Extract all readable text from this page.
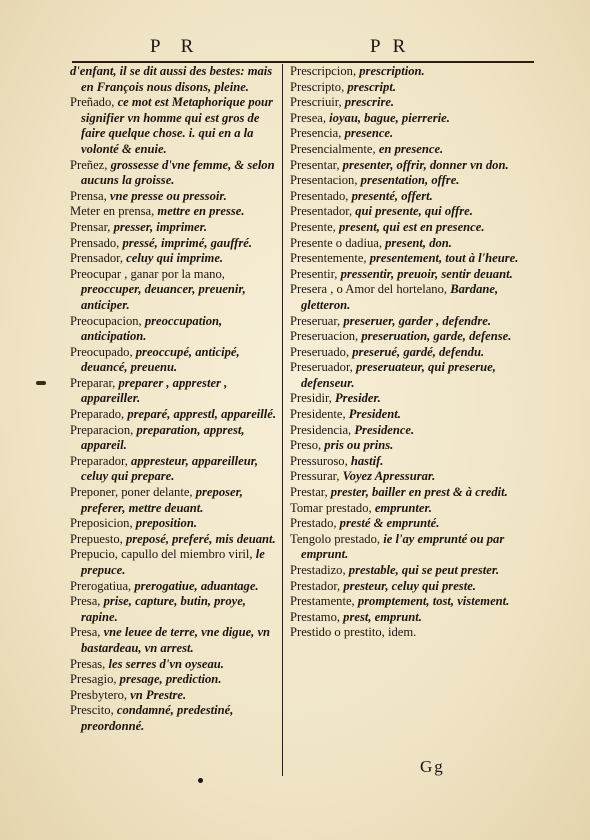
P R	P R

d'enfant, il se dit aussi des bestes: mais en François nous disons, pleine.

Preñado, ce mot est Metaphorique pour signifier vn homme qui est gros de faire quelque chose. i. qui en a la volonté & enuie.

Preñez, grossesse d'vne femme, & selon aucuns la groisse.

Prensa, vne presse ou pressoir.

Meter en prensa, mettre en presse.

Prensar, presser, imprimer.

Prensado, pressé, imprimé, gauffré.

Prensador, celuy qui imprime.

Preocupar , ganar por la mano, preoccuper, deuancer, preuenir, anticiper.

Preocupacion, preoccupation, anticipation.

Preocupado, preoccupé, anticipé, deuancé, preuenu.

Preparar, preparer , apprester , appareiller.

Preparado, preparé, apprestl, appareillé.

Preparacion, preparation, apprest, appareil.

Preparador, appresteur, appareilleur, celuy qui prepare.

Preponer, poner delante, preposer, preferer, mettre deuant.

Preposicion, preposition.

Prepuesto, preposé, preferé, mis deuant.

Prepucio, capullo del miembro viril, le prepuce.

Prerogatiua, prerogatiue, aduantage.

Presa, prise, capture, butin, proye, rapine.

Presa, vne leuee de terre, vne digue, vn bastardeau, vn arrest.

Presas, les serres d'vn oyseau.

Presagio, presage, prediction.

Presbytero, vn Prestre.

Prescito, condamné, predestiné, preordonné.

Prescripcion, prescription.

Prescripto, prescript.

Prescriuir, prescrire.

Presea, ioyau, bague, pierrerie.

Presencia, presence.

Presencialmente, en presence.

Presentar, presenter, offrir, donner vn don.

Presentacion, presentation, offre.

Presentado, presenté, offert.

Presentador, qui presente, qui offre.

Presente, present, qui est en presence.

Presente o dadiua, present, don.

Presentemente, presentement, tout à l'heure.

Presentir, pressentir, preuoir, sentir deuant.

Presera , o Amor del hortelano, Bardane, gletteron.

Preseruar, preseruer, garder , defendre.

Preseruacion, preseruation, garde, defense.

Preseruado, preserué, gardé, defendu.

Preseruador, preseruateur, qui preserue, defenseur.

Presidir, Presider.

Presidente, President.

Presidencia, Presidence.

Preso, pris ou prins.

Pressuroso, hastif.

Pressurar, Voyez Apressurar.

Prestar, prester, bailler en prest & à credit.

Tomar prestado, emprunter.

Prestado, presté & emprunté.

Tengolo prestado, ie l'ay emprunté ou par emprunt.

Prestadizo, prestable, qui se peut prester.

Prestador, presteur, celuy qui preste.

Prestamente, promptement, tost, vistement.

Prestamo, prest, emprunt.

Prestido o prestito, idem.

Gg
